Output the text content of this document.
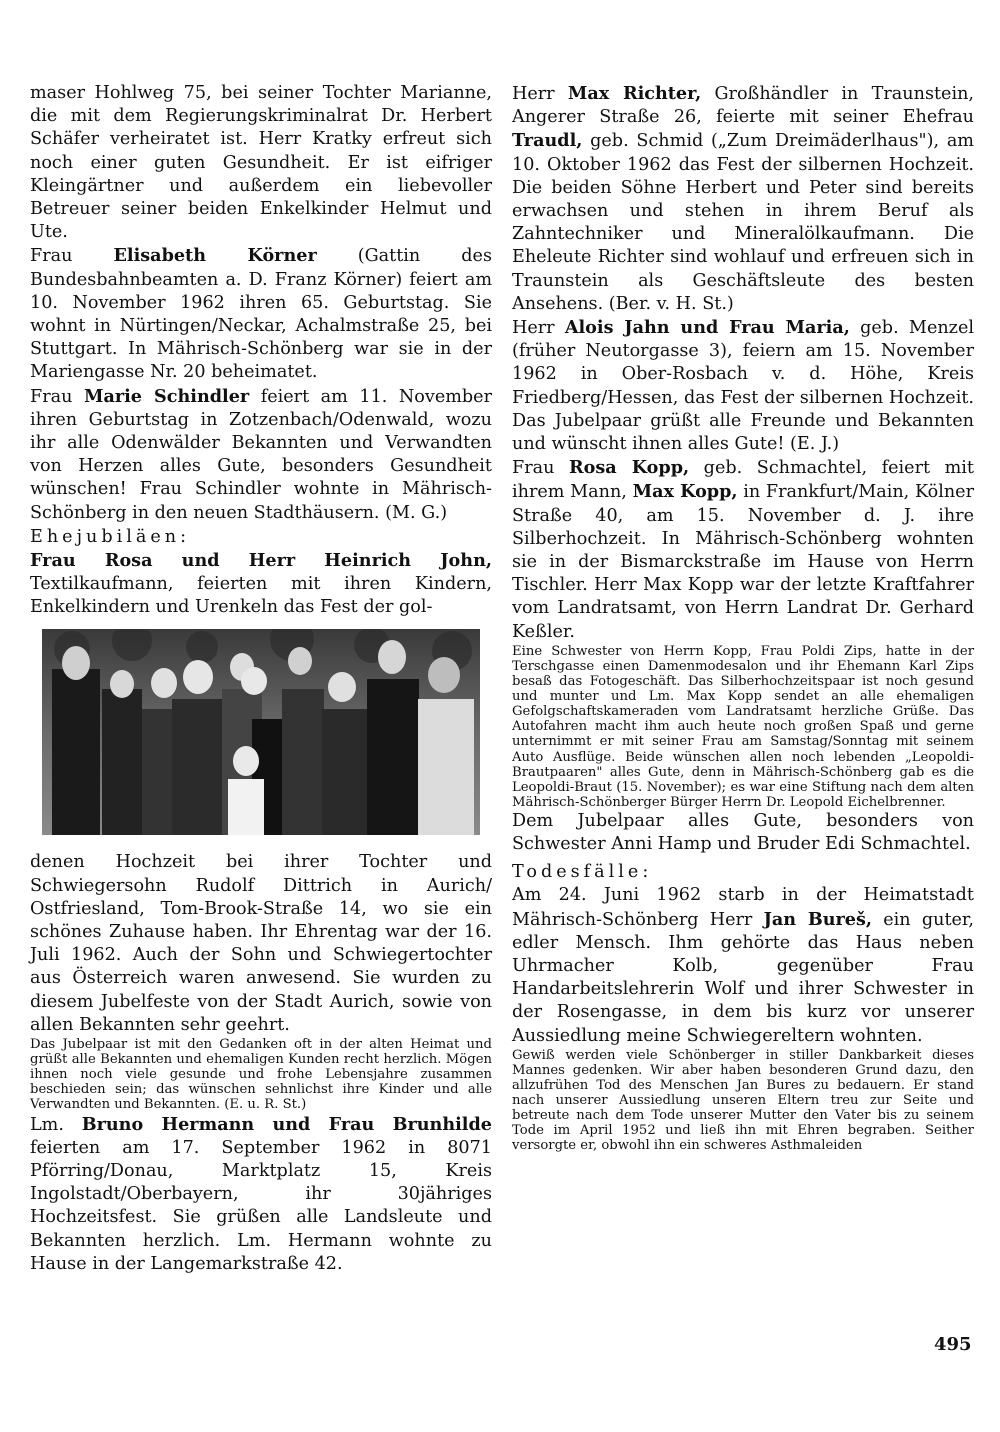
maser Hohlweg 75, bei seiner Tochter Marianne, die mit dem Regierungskriminalrat Dr. Herbert Schäfer verheiratet ist. Herr Kratky erfreut sich noch einer guten Gesundheit. Er ist eifriger Kleingärtner und außerdem ein liebevoller Betreuer seiner beiden Enkelkinder Helmut und Ute.

Frau Elisabeth Körner (Gattin des Bundesbahnbeamten a. D. Franz Körner) feiert am 10. November 1962 ihren 65. Geburtstag. Sie wohnt in Nürtingen/Neckar, Achalmstraße 25, bei Stuttgart. In Mährisch-Schönberg war sie in der Mariengasse Nr. 20 beheimatet.

Frau Marie Schindler feiert am 11. November ihren Geburtstag in Zotzenbach/Odenwald, wozu ihr alle Odenwälder Bekannten und Verwandten von Herzen alles Gute, besonders Gesundheit wünschen! Frau Schindler wohnte in Mährisch-Schönberg in den neuen Stadthäusern. (M. G.)

Ehejubiläen:

Frau Rosa und Herr Heinrich John, Textilkaufmann, feierten mit ihren Kindern, Enkelkindern und Urenkeln das Fest der gol-

denen Hochzeit bei ihrer Tochter und Schwiegersohn Rudolf Dittrich in Aurich/ Ostfriesland, Tom-Brook-Straße 14, wo sie ein schönes Zuhause haben. Ihr Ehrentag war der 16. Juli 1962. Auch der Sohn und Schwiegertochter aus Österreich waren anwesend. Sie wurden zu diesem Jubelfeste von der Stadt Aurich, sowie von allen Bekannten sehr geehrt.

Das Jubelpaar ist mit den Gedanken oft in der alten Heimat und grüßt alle Bekannten und ehemaligen Kunden recht herzlich. Mögen ihnen noch viele gesunde und frohe Lebensjahre zusammen beschieden sein; das wünschen sehnlichst ihre Kinder und alle Verwandten und Bekannten. (E. u. R. St.)

Lm. Bruno Hermann und Frau Brunhilde feierten am 17. September 1962 in 8071 Pförring/Donau, Marktplatz 15, Kreis Ingolstadt/Oberbayern, ihr 30jähriges Hochzeitsfest. Sie grüßen alle Landsleute und Bekannten herzlich. Lm. Hermann wohnte zu Hause in der Langemarkstraße 42.

Herr Max Richter, Großhändler in Traunstein, Angerer Straße 26, feierte mit seiner Ehefrau Traudl, geb. Schmid („Zum Dreimäderlhaus"), am 10. Oktober 1962 das Fest der silbernen Hochzeit. Die beiden Söhne Herbert und Peter sind bereits erwachsen und stehen in ihrem Beruf als Zahntechniker und Mineralölkaufmann. Die Eheleute Richter sind wohlauf und erfreuen sich in Traunstein als Geschäftsleute des besten Ansehens. (Ber. v. H. St.)

Herr Alois Jahn und Frau Maria, geb. Menzel (früher Neutorgasse 3), feiern am 15. November 1962 in Ober-Rosbach v. d. Höhe, Kreis Friedberg/Hessen, das Fest der silbernen Hochzeit. Das Jubelpaar grüßt alle Freunde und Bekannten und wünscht ihnen alles Gute! (E. J.)

Frau Rosa Kopp, geb. Schmachtel, feiert mit ihrem Mann, Max Kopp, in Frankfurt/Main, Kölner Straße 40, am 15. November d. J. ihre Silberhochzeit. In Mährisch-Schönberg wohnten sie in der Bismarckstraße im Hause von Herrn Tischler. Herr Max Kopp war der letzte Kraftfahrer vom Landratsamt, von Herrn Landrat Dr. Gerhard Keßler.

Eine Schwester von Herrn Kopp, Frau Poldi Zips, hatte in der Terschgasse einen Damenmodesalon und ihr Ehemann Karl Zips besaß das Fotogeschäft. Das Silberhochzeitspaar ist noch gesund und munter und Lm. Max Kopp sendet an alle ehemaligen Gefolgschaftskameraden vom Landratsamt herzliche Grüße. Das Autofahren macht ihm auch heute noch großen Spaß und gerne unternimmt er mit seiner Frau am Samstag/Sonntag mit seinem Auto Ausflüge. Beide wünschen allen noch lebenden „Leopoldi-Brautpaaren" alles Gute, denn in Mährisch-Schönberg gab es die Leopoldi-Braut (15. November); es war eine Stiftung nach dem alten Mährisch-Schönberger Bürger Herrn Dr. Leopold Eichelbrenner.

Dem Jubelpaar alles Gute, besonders von Schwester Anni Hamp und Bruder Edi Schmachtel.

Todesfälle:

Am 24. Juni 1962 starb in der Heimatstadt Mährisch-Schönberg Herr Jan Bureš, ein guter, edler Mensch. Ihm gehörte das Haus neben Uhrmacher Kolb, gegenüber Frau Handarbeitslehrerin Wolf und ihrer Schwester in der Rosengasse, in dem bis kurz vor unserer Aussiedlung meine Schwiegereltern wohnten.

Gewiß werden viele Schönberger in stiller Dankbarkeit dieses Mannes gedenken. Wir aber haben besonderen Grund dazu, den allzufrühen Tod des Menschen Jan Bures zu bedauern. Er stand nach unserer Aussiedlung unseren Eltern treu zur Seite und betreute nach dem Tode unserer Mutter den Vater bis zu seinem Tode im April 1952 und ließ ihn mit Ehren begraben. Seither versorgte er, obwohl ihn ein schweres Asthmaleiden

495
